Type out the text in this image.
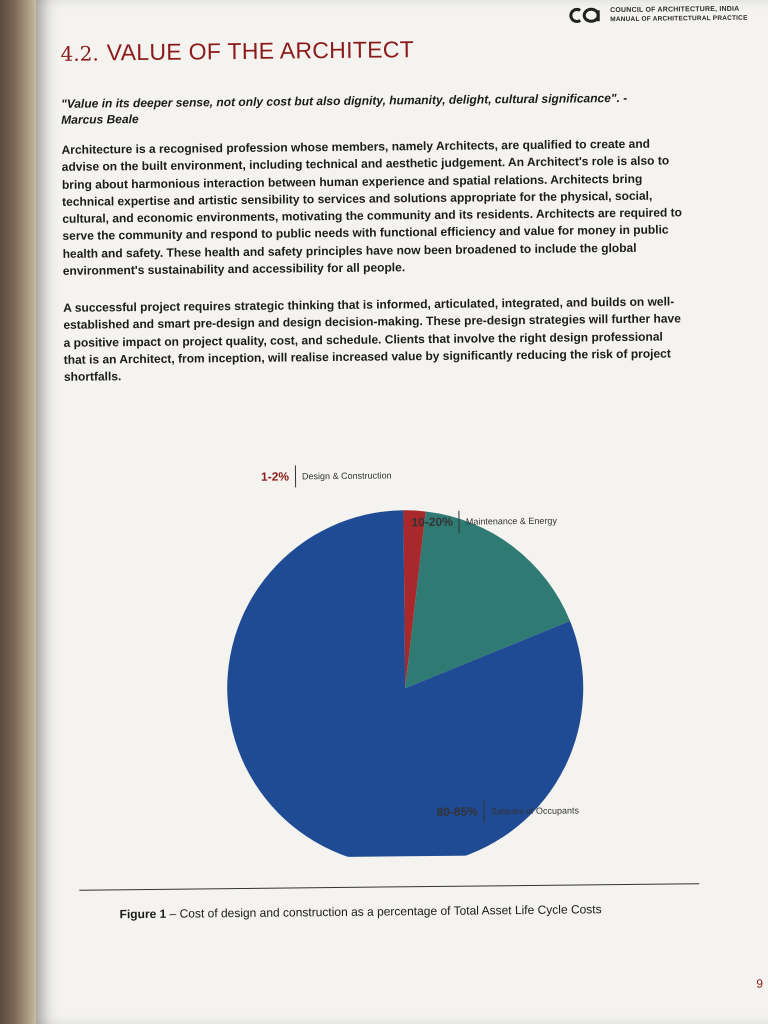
COUNCIL OF ARCHITECTURE, INDIA
MANUAL OF ARCHITECTURAL PRACTICE
4.2. VALUE OF THE ARCHITECT
"Value in its deeper sense, not only cost but also dignity, humanity, delight, cultural significance". - Marcus Beale
Architecture is a recognised profession whose members, namely Architects, are qualified to create and advise on the built environment, including technical and aesthetic judgement. An Architect's role is also to bring about harmonious interaction between human experience and spatial relations. Architects bring technical expertise and artistic sensibility to services and solutions appropriate for the physical, social, cultural, and economic environments, motivating the community and its residents. Architects are required to serve the community and respond to public needs with functional efficiency and value for money in public health and safety. These health and safety principles have now been broadened to include the global environment's sustainability and accessibility for all people.
A successful project requires strategic thinking that is informed, articulated, integrated, and builds on well-established and smart pre-design and design decision-making. These pre-design strategies will further have a positive impact on project quality, cost, and schedule. Clients that involve the right design professional that is an Architect, from inception, will realise increased value by significantly reducing the risk of project shortfalls.
1-2% Design & Construction
10-20% Maintenance & Energy
80-85% Salaries of Occupants
Figure 1 – Cost of design and construction as a percentage of Total Asset Life Cycle Costs
9
